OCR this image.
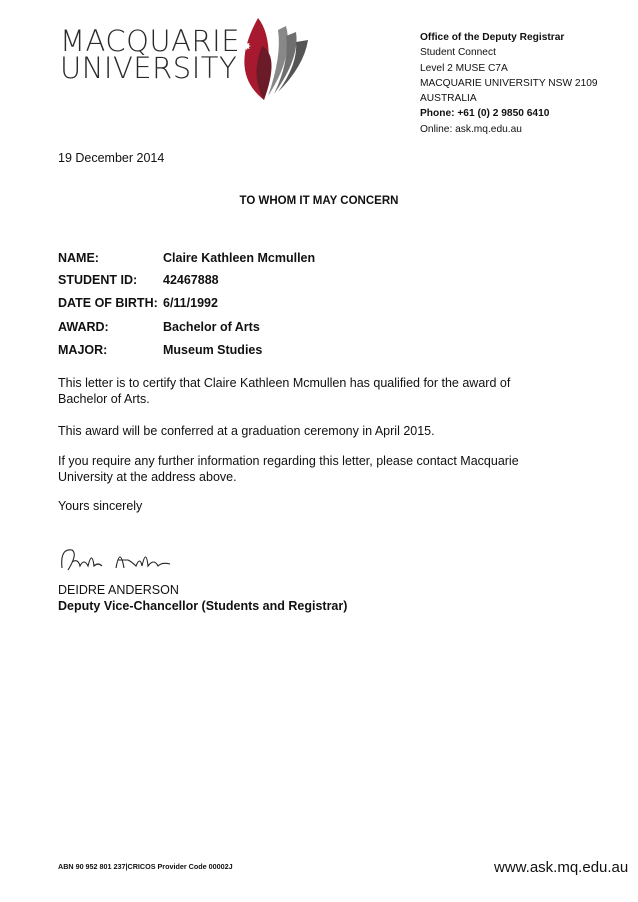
MACQUARIE
UNIVERSITY
✸
Office of the Deputy Registrar
Student Connect
Level 2 MUSE C7A
MACQUARIE UNIVERSITY NSW 2109
AUSTRALIA
Phone: +61 (0) 2 9850 6410
Online: ask.mq.edu.au
19 December 2014
TO WHOM IT MAY CONCERN
NAME:	Claire Kathleen Mcmullen
STUDENT ID: 42467888
DATE OF BIRTH: 6/11/1992
AWARD:	Bachelor of Arts
MAJOR:	Museum Studies
This letter is to certify that Claire Kathleen Mcmullen has qualified for the award of Bachelor of Arts.
This award will be conferred at a graduation ceremony in April 2015.
If you require any further information regarding this letter, please contact Macquarie University at the address above.
Yours sincerely
DEIDRE ANDERSON
Deputy Vice-Chancellor (Students and Registrar)
ABN 90 952 801 237|CRICOS Provider Code 00002J	www.ask.mq.edu.au
